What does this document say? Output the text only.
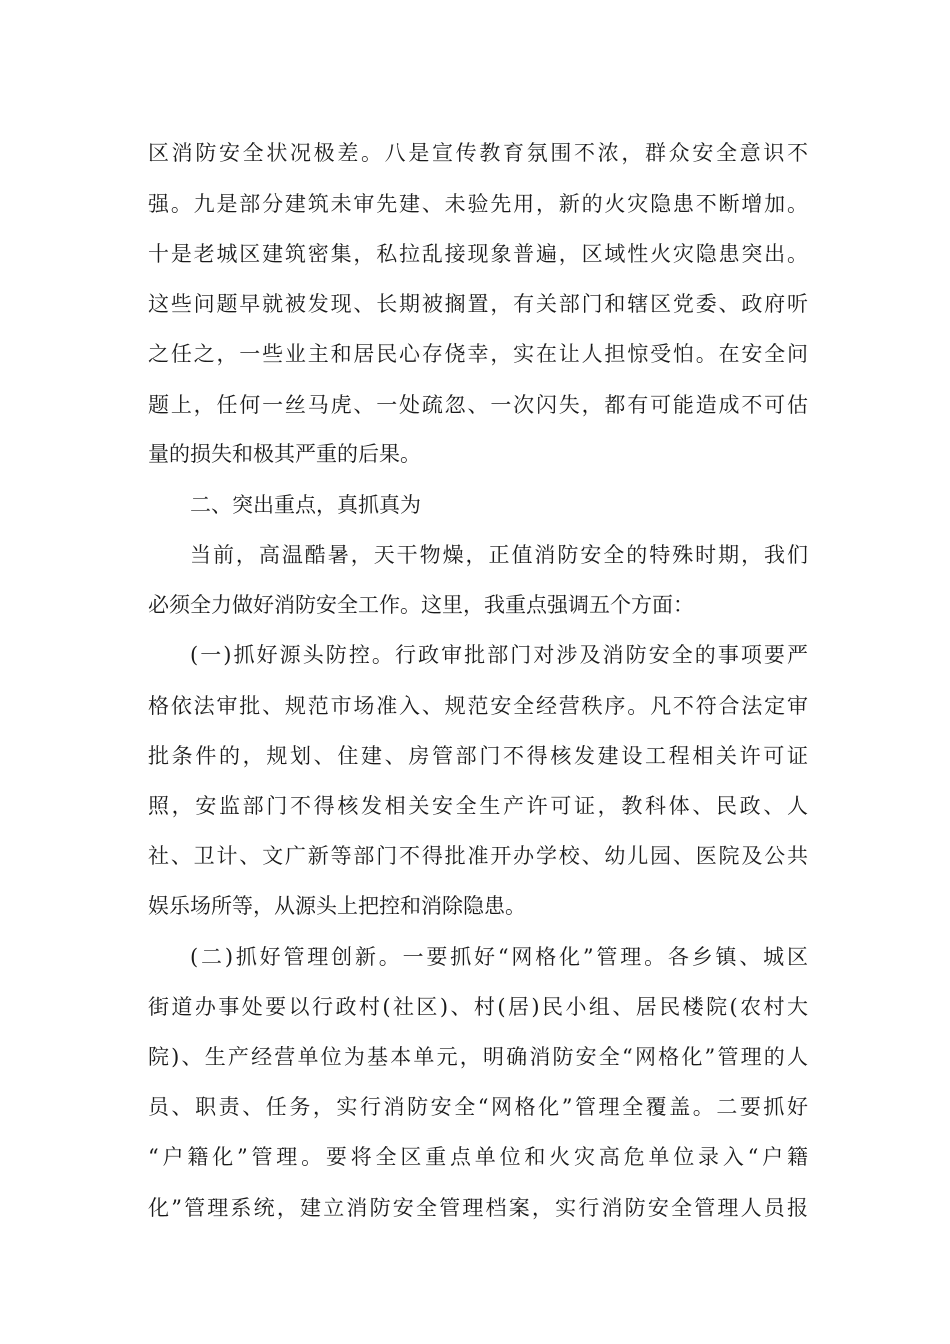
区消防安全状况极差。八是宣传教育氛围不浓，群众安全意识不
强。九是部分建筑未审先建、未验先用，新的火灾隐患不断增加。
十是老城区建筑密集，私拉乱接现象普遍，区域性火灾隐患突出。
这些问题早就被发现、长期被搁置，有关部门和辖区党委、政府听
之任之，一些业主和居民心存侥幸，实在让人担惊受怕。在安全问
题上，任何一丝马虎、一处疏忽、一次闪失，都有可能造成不可估
量的损失和极其严重的后果。
二、突出重点，真抓真为
当前，高温酷暑，天干物燥，正值消防安全的特殊时期，我们
必须全力做好消防安全工作。这里，我重点强调五个方面：
(一)抓好源头防控。行政审批部门对涉及消防安全的事项要严
格依法审批、规范市场准入、规范安全经营秩序。凡不符合法定审
批条件的，规划、住建、房管部门不得核发建设工程相关许可证
照，安监部门不得核发相关安全生产许可证，教科体、民政、人
社、卫计、文广新等部门不得批准开办学校、幼儿园、医院及公共
娱乐场所等，从源头上把控和消除隐患。
(二)抓好管理创新。一要抓好“网格化”管理。各乡镇、城区
街道办事处要以行政村(社区)、村(居)民小组、居民楼院(农村大
院)、生产经营单位为基本单元，明确消防安全“网格化”管理的人
员、职责、任务，实行消防安全“网格化”管理全覆盖。二要抓好
“户籍化”管理。要将全区重点单位和火灾高危单位录入“户籍
化”管理系统，建立消防安全管理档案，实行消防安全管理人员报
